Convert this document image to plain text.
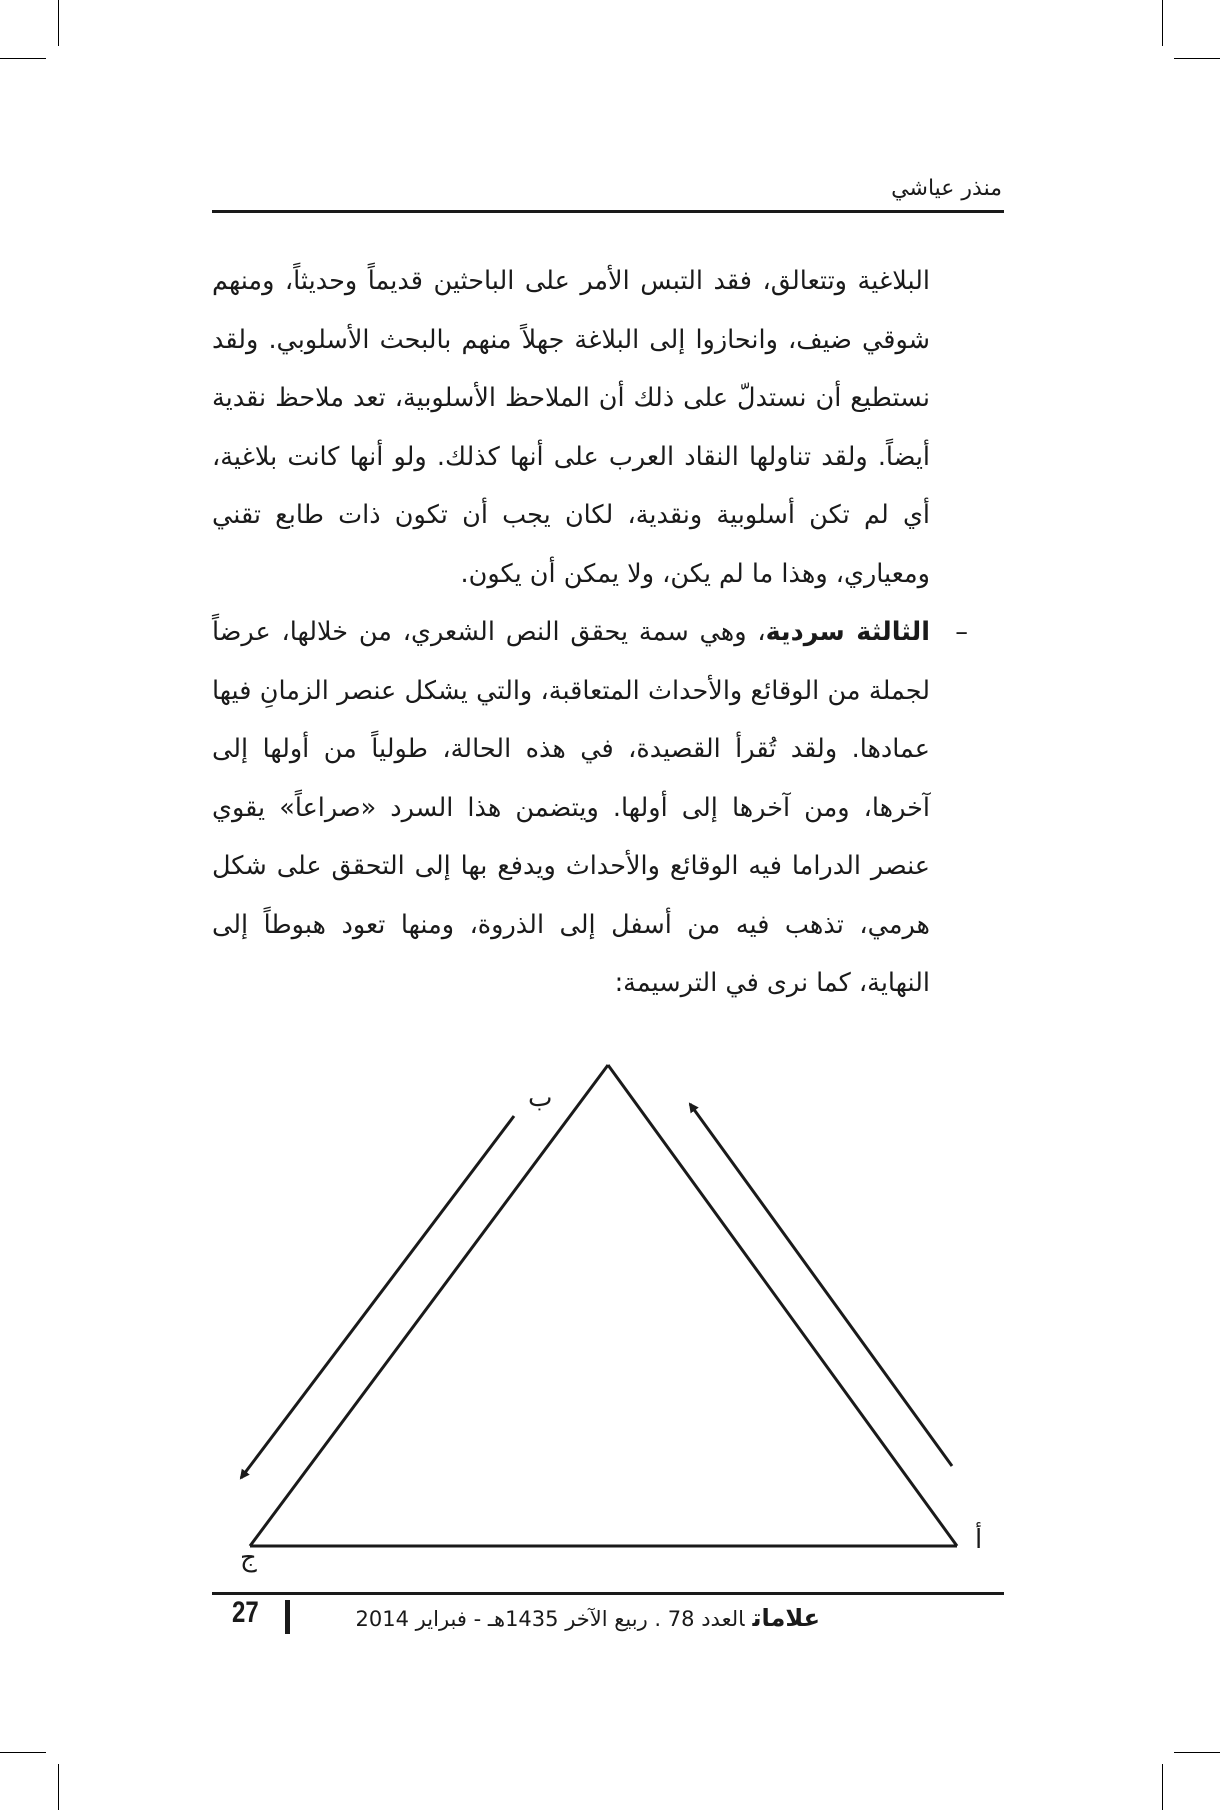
منذر عياشي

البلاغية وتتعالق، فقد التبس الأمر على الباحثين قديماً وحديثاً، ومنهم شوقي ضيف، وانحازوا إلى البلاغة جهلاً منهم بالبحث الأسلوبي. ولقد نستطيع أن نستدلّ على ذلك أن الملاحظ الأسلوبية، تعد ملاحظ نقدية أيضاً. ولقد تناولها النقاد العرب على أنها كذلك. ولو أنها كانت بلاغية، أي لم تكن أسلوبية ونقدية، لكان يجب أن تكون ذات طابع تقني ومعياري، وهذا ما لم يكن، ولا يمكن أن يكون.

–
الثالثة سردية، وهي سمة يحقق النص الشعري، من خلالها، عرضاً لجملة من الوقائع والأحداث المتعاقبة، والتي يشكل عنصر الزمانِ فيها عمادها. ولقد تُقرأ القصيدة، في هذه الحالة، طولياً من أولها إلى آخرها، ومن آخرها إلى أولها. ويتضمن هذا السرد «صراعاً» يقوي عنصر الدراما فيه الوقائع والأحداث ويدفع بها إلى التحقق على شكل هرمي، تذهب فيه من أسفل إلى الذروة، ومنها تعود هبوطاً إلى النهاية، كما نرى في الترسيمة:

ب
أ
ج
27	علاماتالعدد 78 . ربيع الآخر 1435هـ - فبراير 2014
